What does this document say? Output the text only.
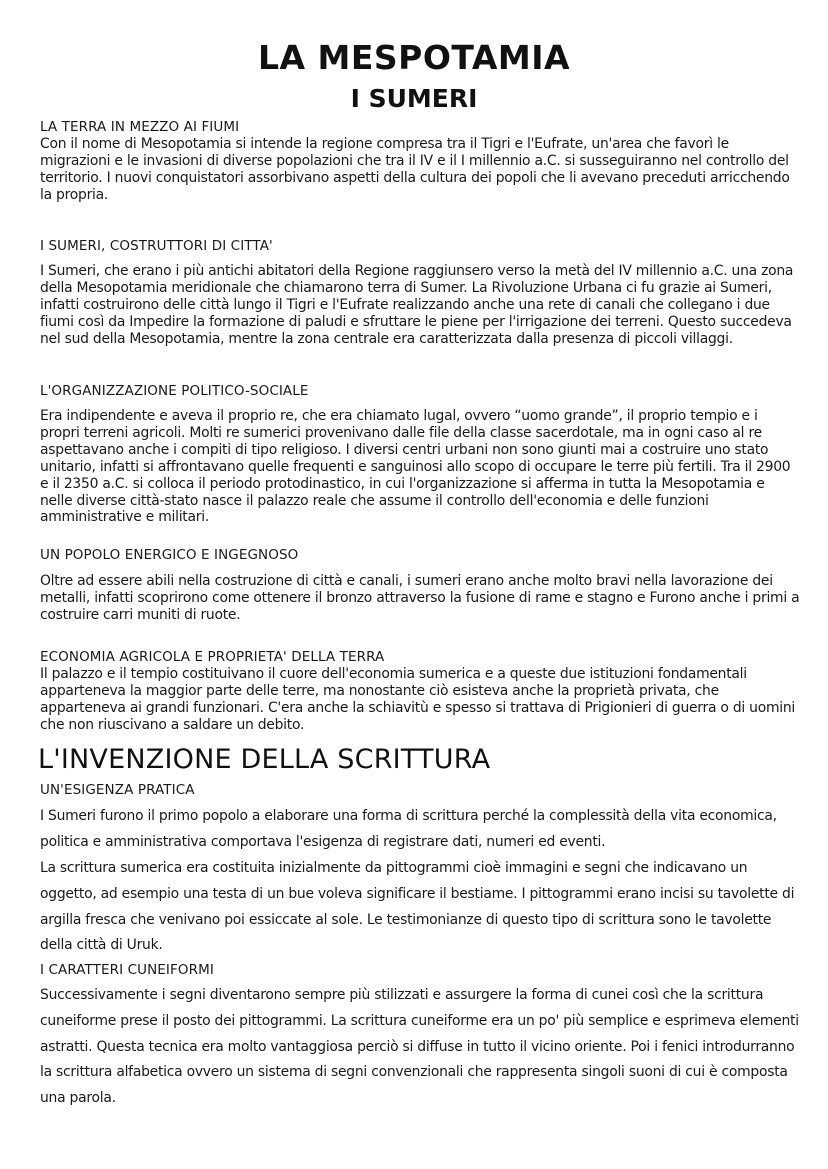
LA MESPOTAMIA
I SUMERI
LA TERRA IN MEZZO AI FIUMI

Con il nome di Mesopotamia si intende la regione compresa tra il Tigri e l'Eufrate, un'area che favorì le migrazioni e le invasioni di diverse popolazioni che tra il IV e il I millennio a.C. si susseguiranno nel controllo del territorio. I nuovi conquistatori assorbivano aspetti della cultura dei popoli che li avevano preceduti arricchendo la propria.

I SUMERI, COSTRUTTORI DI CITTA'

I Sumeri, che erano i più antichi abitatori della Regione raggiunsero verso la metà del IV millennio a.C. una zona della Mesopotamia meridionale che chiamarono terra di Sumer. La Rivoluzione Urbana ci fu grazie ai Sumeri, infatti costruirono delle città lungo il Tigri e l'Eufrate realizzando anche una rete di canali che collegano i due fiumi così da Impedire la formazione di paludi e sfruttare le piene per l'irrigazione dei terreni. Questo succedeva nel sud della Mesopotamia, mentre la zona centrale era caratterizzata dalla presenza di piccoli villaggi.

L'ORGANIZZAZIONE POLITICO-SOCIALE

Era indipendente e aveva il proprio re, che era chiamato lugal, ovvero “uomo grande”, il proprio tempio e i propri terreni agricoli. Molti re sumerici provenivano dalle file della classe sacerdotale, ma in ogni caso al re aspettavano anche i compiti di tipo religioso. I diversi centri urbani non sono giunti mai a costruire uno stato unitario, infatti si affrontavano quelle frequenti e sanguinosi allo scopo di occupare le terre più fertili. Tra il 2900 e il 2350 a.C. si colloca il periodo protodinastico, in cui l'organizzazione si afferma in tutta la Mesopotamia e nelle diverse città-stato nasce il palazzo reale che assume il controllo dell'economia e delle funzioni amministrative e militari.

UN POPOLO ENERGICO E INGEGNOSO

Oltre ad essere abili nella costruzione di città e canali, i sumeri erano anche molto bravi nella lavorazione dei metalli, infatti scoprirono come ottenere il bronzo attraverso la fusione di rame e stagno e Furono anche i primi a costruire carri muniti di ruote.

ECONOMIA AGRICOLA E PROPRIETA' DELLA TERRA

Il palazzo e il tempio costituivano il cuore dell'economia sumerica e a queste due istituzioni fondamentali apparteneva la maggior parte delle terre, ma nonostante ciò esisteva anche la proprietà privata, che apparteneva ai grandi funzionari. C'era anche la schiavitù e spesso si trattava di Prigionieri di guerra o di uomini che non riuscivano a saldare un debito.

L'INVENZIONE DELLA SCRITTURA
UN'ESIGENZA PRATICA

I Sumeri furono il primo popolo a elaborare una forma di scrittura perché la complessità della vita economica, politica e amministrativa comportava l'esigenza di registrare dati, numeri ed eventi.

La scrittura sumerica era costituita inizialmente da pittogrammi cioè immagini e segni che indicavano un oggetto, ad esempio una testa di un bue voleva significare il bestiame. I pittogrammi erano incisi su tavolette di argilla fresca che venivano poi essiccate al sole. Le testimonianze di questo tipo di scrittura sono le tavolette della città di Uruk.

I CARATTERI CUNEIFORMI

Successivamente i segni diventarono sempre più stilizzati e assurgere la forma di cunei così che la scrittura cuneiforme prese il posto dei pittogrammi. La scrittura cuneiforme era un po' più semplice e esprimeva elementi astratti. Questa tecnica era molto vantaggiosa perciò si diffuse in tutto il vicino oriente. Poi i fenici introdurranno la scrittura alfabetica ovvero un sistema di segni convenzionali che rappresenta singoli suoni di cui è composta una parola.
